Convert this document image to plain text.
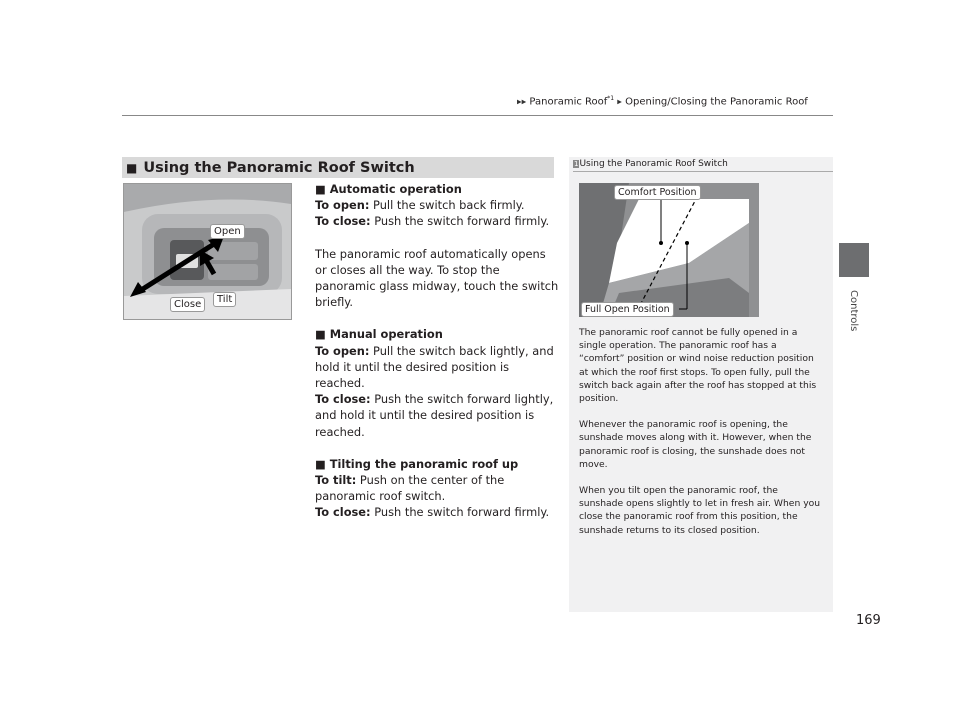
▶▶ Panoramic Roof$^{*1}$ ▶ Opening/Closing the Panoramic Roof
Controls
■ Using the Panoramic Roof Switch
Open
Tilt
Close

■ Automatic operation

To open: Pull the switch back firmly.

To close: Push the switch forward firmly.

The panoramic roof automatically opens or closes all the way. To stop the panoramic glass midway, touch the switch briefly.

■ Manual operation

To open: Pull the switch back lightly, and hold it until the desired position is reached.

To close: Push the switch forward lightly, and hold it until the desired position is reached.

■ Tilting the panoramic roof up

To tilt: Push on the center of the panoramic roof switch.

To close: Push the switch forward firmly.

1Using the Panoramic Roof Switch
Comfort Position
Full Open Position

The panoramic roof cannot be fully opened in a single operation. The panoramic roof has a “comfort” position or wind noise reduction position at which the roof first stops. To open fully, pull the switch back again after the roof has stopped at this position.

Whenever the panoramic roof is opening, the sunshade moves along with it. However, when the panoramic roof is closing, the sunshade does not move.

When you tilt open the panoramic roof, the sunshade opens slightly to let in fresh air. When you close the panoramic roof from this position, the sunshade returns to its closed position.

169
